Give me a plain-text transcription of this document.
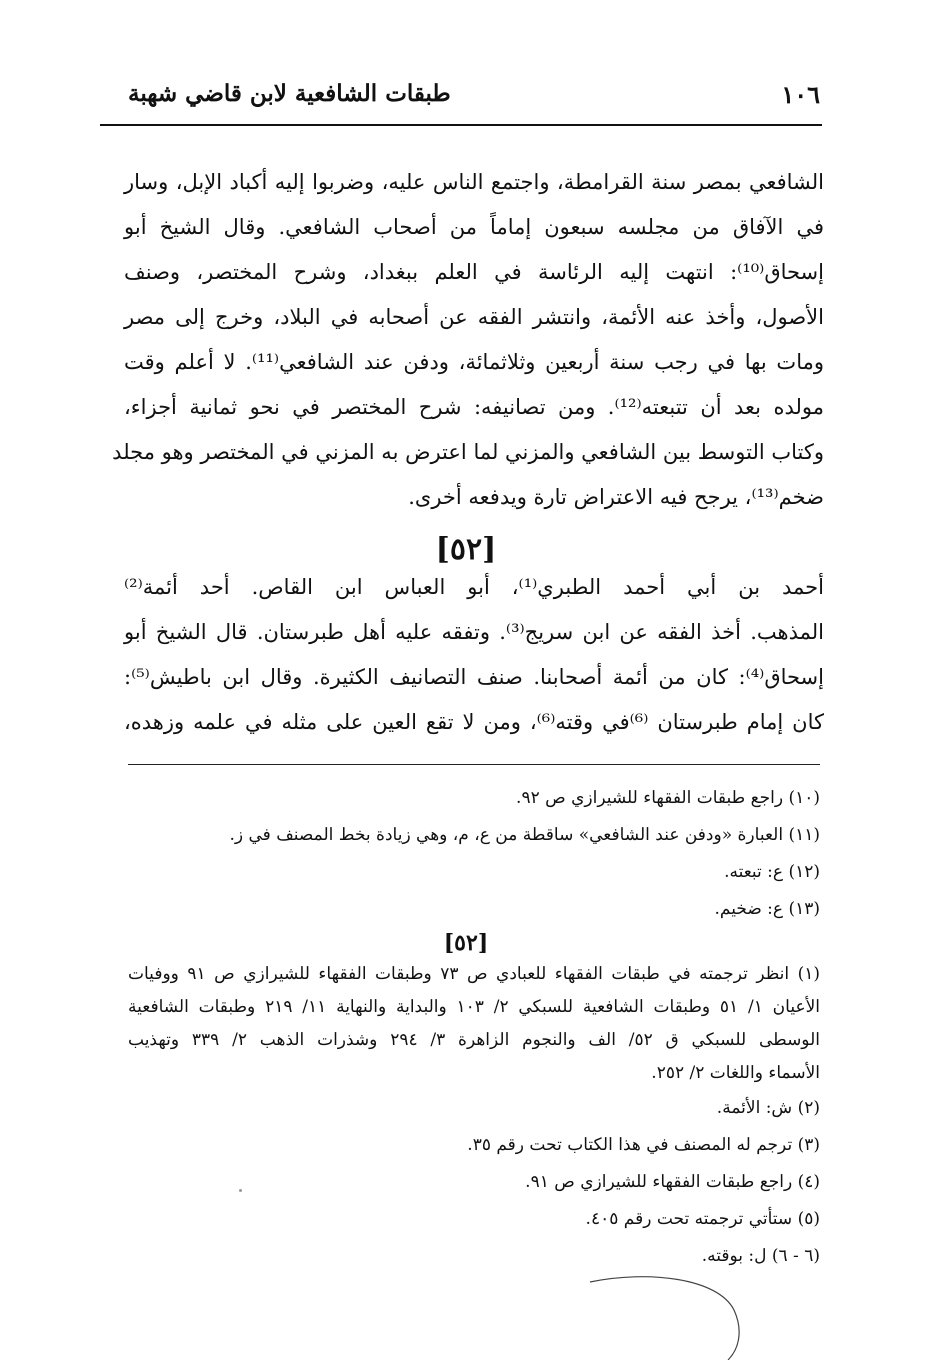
١٠٦
طبقات الشافعية لابن قاضي شهبة
الشافعي بمصر سنة القرامطة، واجتمع الناس عليه، وضربوا إليه أكباد الإبل، وسار
في الآفاق من مجلسه سبعون إماماً من أصحاب الشافعي. وقال الشيخ أبو
إسحاق⁽¹⁰⁾: انتهت إليه الرئاسة في العلم ببغداد، وشرح المختصر، وصنف
الأصول، وأخذ عنه الأئمة، وانتشر الفقه عن أصحابه في البلاد، وخرج إلى مصر
ومات بها في رجب سنة أربعين وثلاثمائة، ودفن عند الشافعي⁽¹¹⁾. لا أعلم وقت
مولده بعد أن تتبعته⁽¹²⁾. ومن تصانيفه: شرح المختصر في نحو ثمانية أجزاء،
وكتاب التوسط بين الشافعي والمزني لما اعترض به المزني في المختصر وهو مجلد
ضخم⁽¹³⁾، يرجح فيه الاعتراض تارة ويدفعه أخرى.
[٥٢]
أحمد بن أبي أحمد الطبري⁽¹⁾، أبو العباس ابن القاص. أحد أئمة⁽²⁾
المذهب. أخذ الفقه عن ابن سريج⁽³⁾. وتفقه عليه أهل طبرستان. قال الشيخ أبو
إسحاق⁽⁴⁾: كان من أئمة أصحابنا. صنف التصانيف الكثيرة. وقال ابن باطيش⁽⁵⁾:
كان إمام طبرستان ⁽⁶⁾في وقته⁽⁶⁾، ومن لا تقع العين على مثله في علمه وزهده،
(١٠) راجع طبقات الفقهاء للشيرازي ص ٩٢.
(١١) العبارة «ودفن عند الشافعي» ساقطة من ع، م، وهي زيادة بخط المصنف في ز.
(١٢) ع: تبعته.
(١٣) ع: ضخيم.
[٥٢]
(١) انظر ترجمته في طبقات الفقهاء للعبادي ص ٧٣ وطبقات الفقهاء للشيرازي ص ٩١ ووفيات
الأعيان ١/ ٥١ وطبقات الشافعية للسبكي ٢/ ١٠٣ والبداية والنهاية ١١/ ٢١٩ وطبقات الشافعية
الوسطى للسبكي ق ٥٢/ الف والنجوم الزاهرة ٣/ ٢٩٤ وشذرات الذهب ٢/ ٣٣٩ وتهذيب
الأسماء واللغات ٢/ ٢٥٢.
(٢) ش: الأئمة.
(٣) ترجم له المصنف في هذا الكتاب تحت رقم ٣٥.
(٤) راجع طبقات الفقهاء للشيرازي ص ٩١.
(٥) ستأتي ترجمته تحت رقم ٤٠٥.
(٦ - ٦) ل: بوقته.
